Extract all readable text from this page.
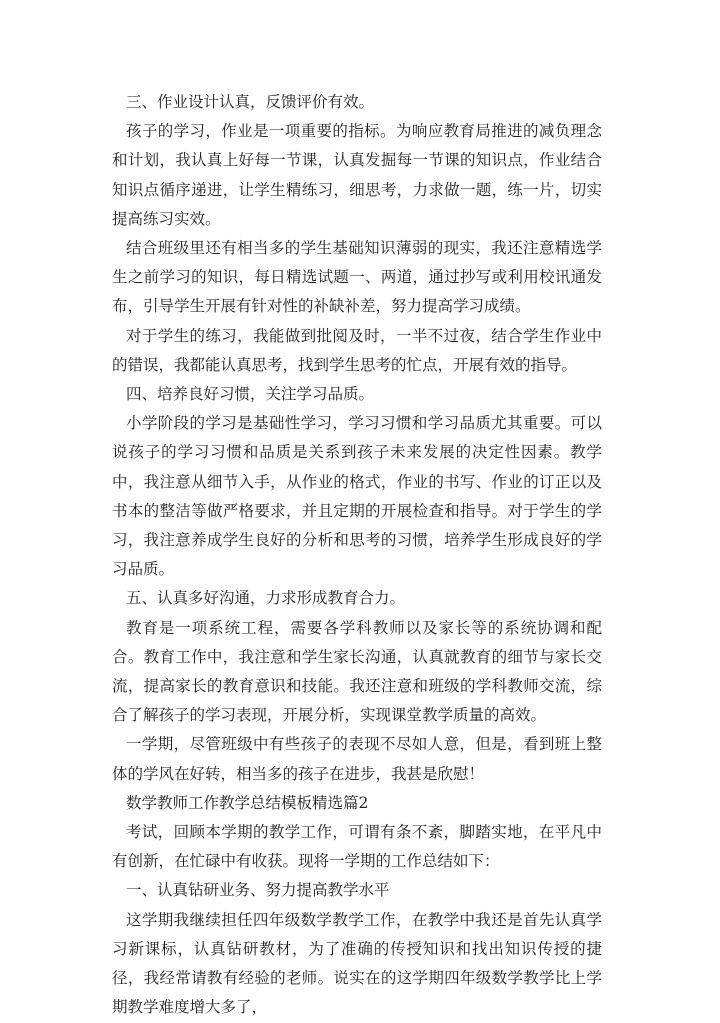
三、作业设计认真，反馈评价有效。

孩子的学习，作业是一项重要的指标。为响应教育局推进的减负理念和计划，我认真上好每一节课，认真发掘每一节课的知识点，作业结合知识点循序递进，让学生精练习，细思考，力求做一题，练一片，切实提高练习实效。

结合班级里还有相当多的学生基础知识薄弱的现实，我还注意精选学生之前学习的知识，每日精选试题一、两道，通过抄写或利用校讯通发布，引导学生开展有针对性的补缺补差，努力提高学习成绩。

对于学生的练习，我能做到批阅及时，一半不过夜，结合学生作业中的错误，我都能认真思考，找到学生思考的忙点，开展有效的指导。

四、培养良好习惯，关注学习品质。

小学阶段的学习是基础性学习，学习习惯和学习品质尤其重要。可以说孩子的学习习惯和品质是关系到孩子未来发展的决定性因素。教学中，我注意从细节入手，从作业的格式，作业的书写、作业的订正以及书本的整洁等做严格要求，并且定期的开展检查和指导。对于学生的学习，我注意养成学生良好的分析和思考的习惯，培养学生形成良好的学习品质。

五、认真多好沟通，力求形成教育合力。

教育是一项系统工程，需要各学科教师以及家长等的系统协调和配合。教育工作中，我注意和学生家长沟通，认真就教育的细节与家长交流，提高家长的教育意识和技能。我还注意和班级的学科教师交流，综合了解孩子的学习表现，开展分析，实现课堂教学质量的高效。

一学期，尽管班级中有些孩子的表现不尽如人意，但是，看到班上整体的学风在好转，相当多的孩子在进步，我甚是欣慰！

数学教师工作教学总结模板精选篇2

考试，回顾本学期的教学工作，可谓有条不紊，脚踏实地，在平凡中有创新，在忙碌中有收获。现将一学期的工作总结如下：

一、认真钻研业务、努力提高教学水平

这学期我继续担任四年级数学教学工作，在教学中我还是首先认真学习新课标，认真钻研教材，为了准确的传授知识和找出知识传授的捷径，我经常请教有经验的老师。说实在的这学期四年级数学教学比上学期教学难度增大多了，
